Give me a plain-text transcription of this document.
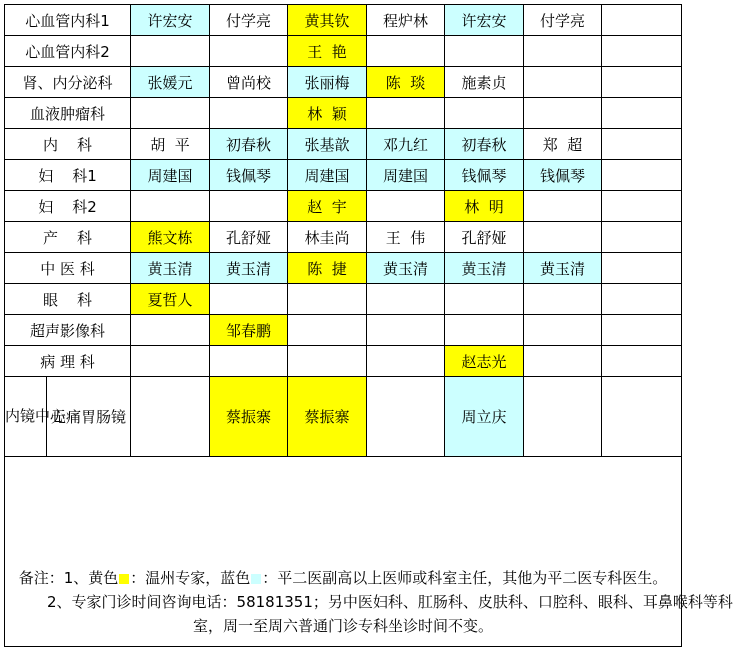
心血管内科1		许宏安	付学亮	黄其钦	程炉林	许宏安	付学亮	
心血管内科2				王  艳				
肾、内分泌科		张媛元	曾尚校	张丽梅	陈  琰	施素贞		
血液肿瘤科				林  颖				
内    科		胡  平	初春秋	张基歆	邓九红	初春秋	郑  超	
妇    科1		周建国	钱佩琴	周建国	周建国	钱佩琴	钱佩琴	
妇    科2				赵  宇		林  明		
产    科		熊文栋	孔舒娅	林圭尚	王  伟	孔舒娅		
中 医 科		黄玉清	黄玉清	陈  捷	黄玉清	黄玉清	黄玉清	
眼    科		夏哲人						
超声影像科			邹春鹏					
病 理 科						赵志光		
内镜中心	无痛胃肠镜		蔡振寨	蔡振寨		周立庆		

备注：1、黄色 ：温州专家，蓝色 ：平二医副高以上医师或科室主任，其他为平二医专科医生。
2、专家门诊时间咨询电话：58181351；另中医妇科、肛肠科、皮肤科、口腔科、眼科、耳鼻喉科等科
室，周一至周六普通门诊专科坐诊时间不变。								
